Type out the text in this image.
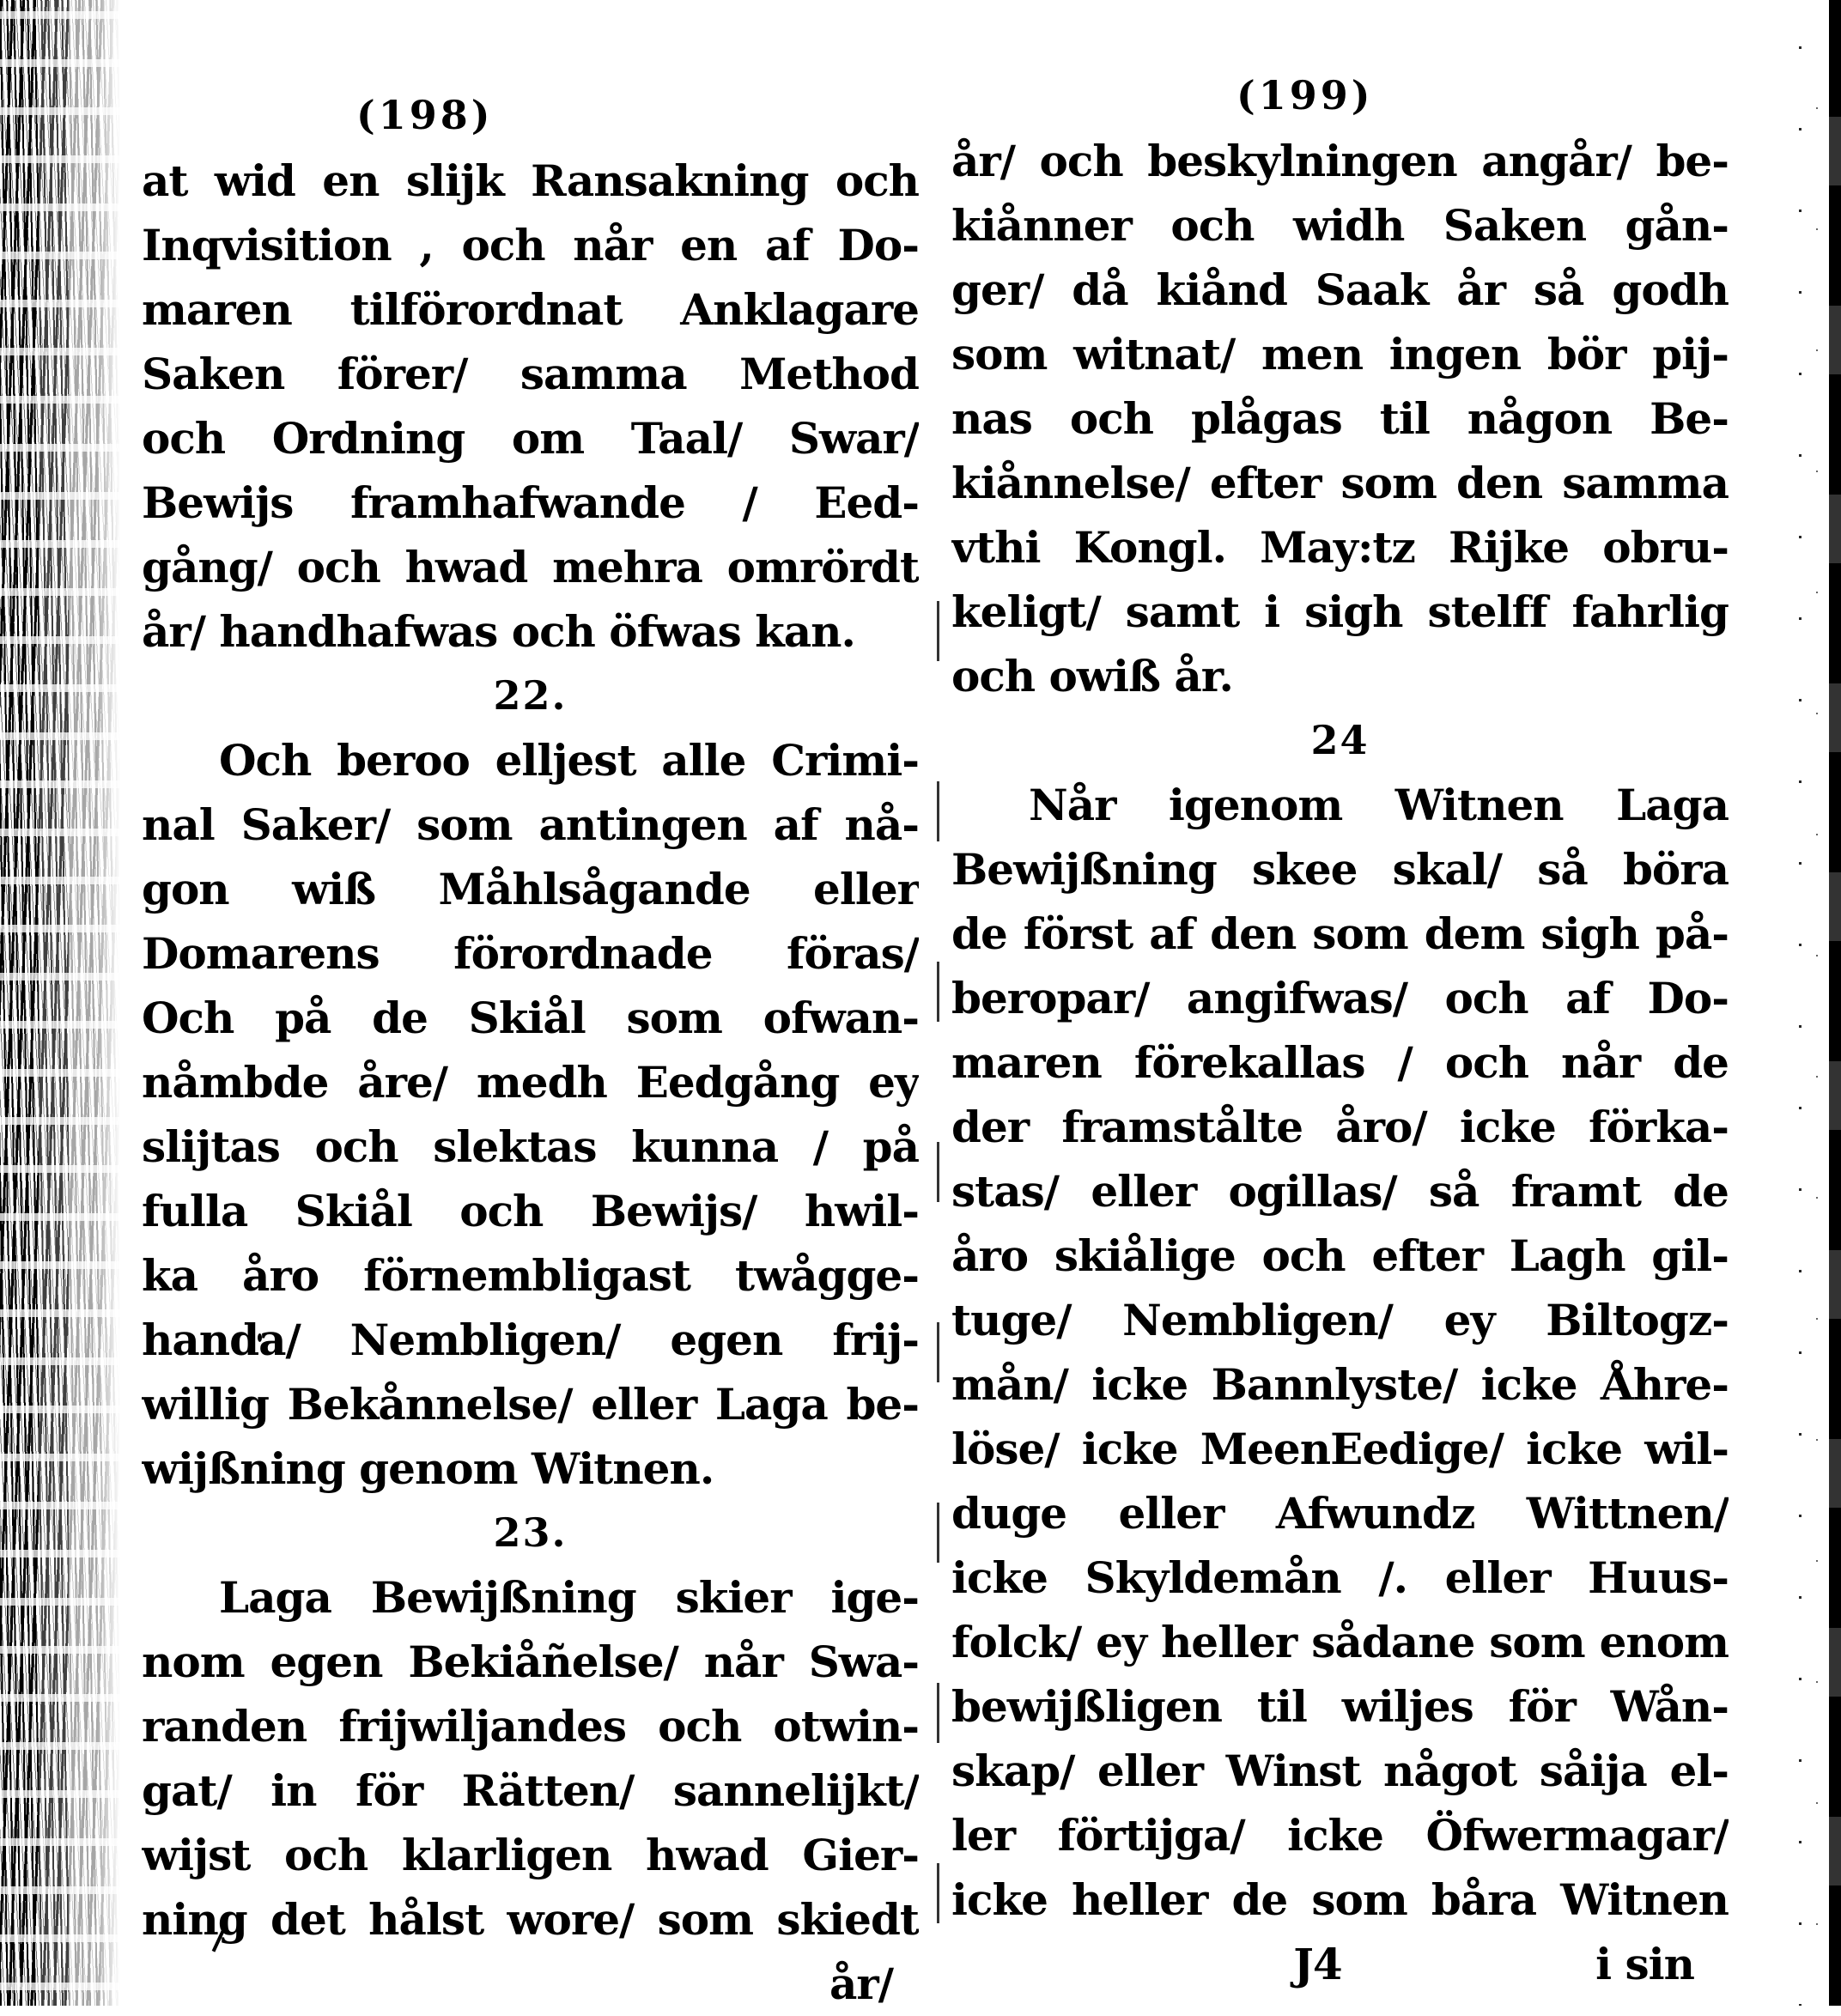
(198)
at wid en slijk Ransakning och
Inqvisition , och når en af Do-
maren tilförordnat Anklagare
Saken förer/ samma Method
och Ordning om Taal/ Swar/
Bewijs framhafwande / Eed-
gång/ och hwad mehra omrördt
år/ handhafwas och öfwas kan.
22.
Och beroo elljest alle Crimi-
nal Saker/ som antingen af nå-
gon wiß Måhlsågande eller
Domarens förordnade föras/
Och på de Skiål som ofwan-
nåmbde åre/ medh Eedgång ey
slijtas och slektas kunna / på
fulla Skiål och Bewijs/ hwil-
ka åro förnembligast twågge-
handa/ Nembligen/ egen frij-
willig Bekånnelse/ eller Laga be-
wijßning genom Witnen.
23.
Laga Bewijßning skier ige-
nom egen Bekiåñelse/ når Swa-
randen frijwiljandes och otwin-
gat/ in för Rätten/ sannelijkt/
wijst och klarligen hwad Gier-
ning det hålst wore/ som skiedt
år/
(199)
år/ och beskylningen angår/ be-
kiånner och widh Saken gån-
ger/ då kiånd Saak år så godh
som witnat/ men ingen bör pij-
nas och plågas til någon Be-
kiånnelse/ efter som den samma
vthi Kongl. May:tz Rijke obru-
keligt/ samt i sigh stelff fahrlig
och owiß år.
24
Når igenom Witnen Laga
Bewijßning skee skal/ så böra
de först af den som dem sigh på-
beropar/ angifwas/ och af Do-
maren förekallas / och når de
der framstålte åro/ icke förka-
stas/ eller ogillas/ så framt de
åro skiålige och efter Lagh gil-
tuge/ Nembligen/ ey Biltogz-
mån/ icke Bannlyste/ icke Åhre-
löse/ icke MeenEedige/ icke wil-
duge eller Afwundz Wittnen/
icke Skyldemån /. eller Huus-
folck/ ey heller sådane som enom
bewijßligen til wiljes för Wån-
skap/ eller Winst något såija el-
ler förtijga/ icke Öfwermagar/
icke heller de som båra Witnen
J4	i sin
